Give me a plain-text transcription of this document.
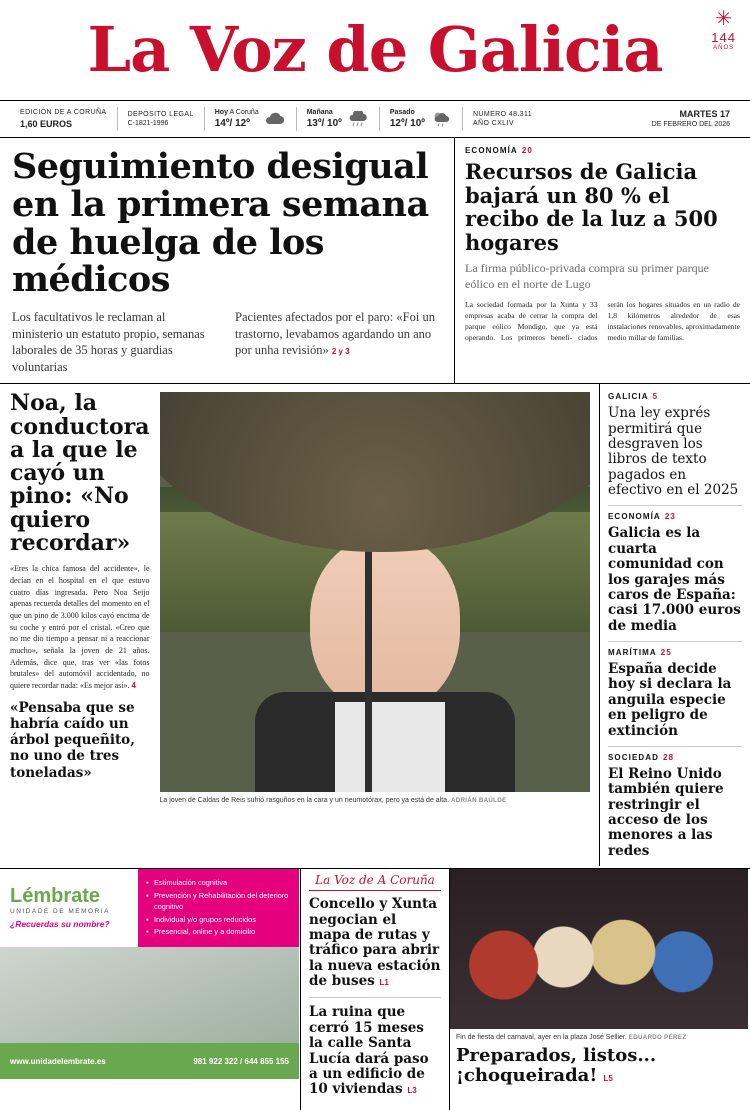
La Voz de Galicia	✳
144
AÑOS
EDICIÓN DE A CORUÑA
1,60 EUROS
DEPÓSITO LEGAL
C-1821-1996
Hoy A Coruña
14º/ 12º
Mañana
13º/ 10º
Pasado
12º/ 10º
NÚMERO 48.311
AÑO CXLIV
MARTES 17
DE FEBRERO DEL 2026
Seguimiento desigual en la primera semana de huelga de los médicos
Los facultativos le reclaman al ministerio un estatuto propio, semanas laborales de 35 horas y guardias voluntarias
Pacientes afectados por el paro: «Foi un trastorno, levabamos agardando un ano por unha revisión» 2 y 3
ECONOMÍA 20
Recursos de Galicia bajará un 80 % el recibo de la luz a 500 hogares
La firma público-privada compra su primer parque eólico en el norte de Lugo
La sociedad formada por la Xunta y 33 empresas acaba de cerrar la compra del parque eólico Mondigo, que ya está operando. Los primeros benefi- ciados serán los hogares situados en un radio de 1,8 kilómetros alrededor de esas instalaciones renovables, aproximadamente medio millar de familias.
Noa, la conductora a la que le cayó un pino: «No quiero recordar»
«Eres la chica famosa del accidente», le decían en el hospital en el que estuvo cuatro días ingresada. Pero Noa Seijo apenas recuerda detalles del momento en el que un pino de 3.000 kilos cayó encima de su coche y entró por el cristal. «Creo que no me dio tiempo a pensar ni a reaccionar mucho», señala la joven de 21 años. Además, dice que, tras ver «las fotos brutales» del automóvil accidentado, no quiere recordar nada: «Es mejor así». 4
«Pensaba que se habría caído un árbol pequeñito, no uno de tres toneladas»
La joven de Caldas de Reis sufrió rasguños en la cara y un neumotórax, pero ya está de alta. ADRIÁN BAÚLDE
GALICIA 5
Una ley exprés permitirá que desgraven los libros de texto pagados en efectivo en el 2025
ECONOMÍA 23
Galicia es la cuarta comunidad con los garajes más caros de España: casi 17.000 euros de media
MARÍTIMA 25
España decide hoy si declara la anguila especie en peligro de extinción
SOCIEDAD 28
El Reino Unido también quiere restringir el acceso de los menores a las redes
Lémbrate
UNIDADE DE MEMORIA
¿Recuerdas su nombre?
▪ Estimulación cognitiva
▪ Prevención y Rehabilitación del deterioro cognitivo
▪ Individual y/o grupos reducidos
▪ Presencial, online y a domicilio
www.unidadelembrate.es	981 922 322 / 644 855 155
La Voz de A Coruña
Concello y Xunta negocian el mapa de rutas y tráfico para abrir la nueva estación de buses L1
La ruina que cerró 15 meses la calle Santa Lucía dará paso a un edificio de 10 viviendas L3
Fin de fiesta del carnaval, ayer en la plaza José Sellier. EDUARDO PÉREZ
Preparados, listos...¡choqueirada! L5
